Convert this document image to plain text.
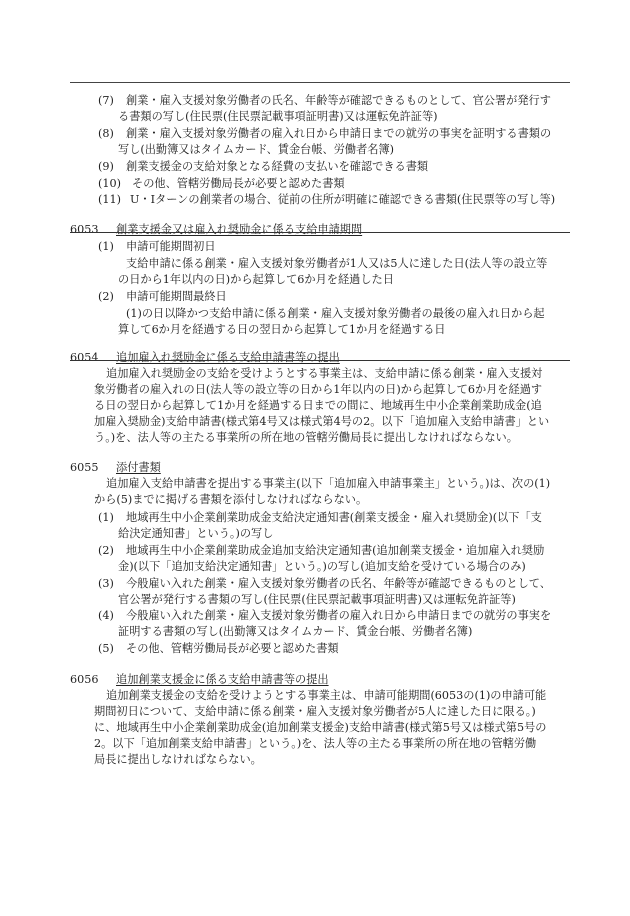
(7) 創業・雇入支援対象労働者の氏名、年齢等が確認できるものとして、官公署が発行す
る書類の写し(住民票(住民票記載事項証明書)又は運転免許証等)
(8) 創業・雇入支援対象労働者の雇入れ日から申請日までの就労の事実を証明する書類の
写し(出勤簿又はタイムカード、賃金台帳、労働者名簿)
(9) 創業支援金の支給対象となる経費の支払いを確認できる書類
(10) その他、管轄労働局長が必要と認めた書類
(11) U・Iターンの創業者の場合、従前の住所が明確に確認できる書類(住民票等の写し等)
6053 創業支援金又は雇入れ奨励金に係る支給申請期間
(1) 申請可能期間初日
支給申請に係る創業・雇入支援対象労働者が1人又は5人に達した日(法人等の設立等
の日から1年以内の日)から起算して6か月を経過した日
(2) 申請可能期間最終日
(1)の日以降かつ支給申請に係る創業・雇入支援対象労働者の最後の雇入れ日から起
算して6か月を経過する日の翌日から起算して1か月を経過する日
6054 追加雇入れ奨励金に係る支給申請書等の提出
追加雇入れ奨励金の支給を受けようとする事業主は、支給申請に係る創業・雇入支援対
象労働者の雇入れの日(法人等の設立等の日から1年以内の日)から起算して6か月を経過す
る日の翌日から起算して1か月を経過する日までの間に、地域再生中小企業創業助成金(追
加雇入奨励金)支給申請書(様式第4号又は様式第4号の2。以下「追加雇入支給申請書」とい
う。)を、法人等の主たる事業所の所在地の管轄労働局長に提出しなければならない。
6055 添付書類
追加雇入支給申請書を提出する事業主(以下「追加雇入申請事業主」という。)は、次の(1)
から(5)までに掲げる書類を添付しなければならない。
(1) 地域再生中小企業創業助成金支給決定通知書(創業支援金・雇入れ奨励金)(以下「支
給決定通知書」という。)の写し
(2) 地域再生中小企業創業助成金追加支給決定通知書(追加創業支援金・追加雇入れ奨励
金)(以下「追加支給決定通知書」という。)の写し(追加支給を受けている場合のみ)
(3) 今般雇い入れた創業・雇入支援対象労働者の氏名、年齢等が確認できるものとして、
官公署が発行する書類の写し(住民票(住民票記載事項証明書)又は運転免許証等)
(4) 今般雇い入れた創業・雇入支援対象労働者の雇入れ日から申請日までの就労の事実を
証明する書類の写し(出勤簿又はタイムカード、賃金台帳、労働者名簿)
(5) その他、管轄労働局長が必要と認めた書類
6056 追加創業支援金に係る支給申請書等の提出
追加創業支援金の支給を受けようとする事業主は、申請可能期間(6053の(1)の申請可能
期間初日について、支給申請に係る創業・雇入支援対象労働者が5人に達した日に限る。)
に、地域再生中小企業創業助成金(追加創業支援金)支給申請書(様式第5号又は様式第5号の
2。以下「追加創業支給申請書」という。)を、法人等の主たる事業所の所在地の管轄労働
局長に提出しなければならない。
